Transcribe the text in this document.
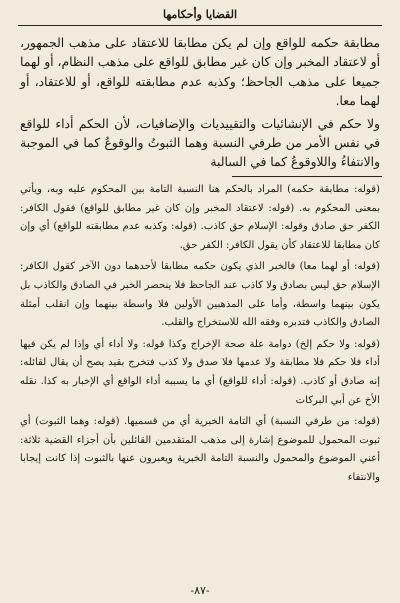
القضايا وأحكامها

مطابقة حكمه للواقع وإن لم يكن مطابقا للاعتقاد على مذهب الجمهور، أو لاعتقاد المخبر وإن كان غير مطابق للواقع على مذهب النظام، أو لهما جميعا على مذهب الجاحظ؛ وكذبه عدم مطابقته للواقع، أو للاعتقاد، أو لهما معا.

ولا حكم في الإنشائيات والتقييديات والإضافيات، لأن الحكم أداء للواقع في نفس الأمر من طرفي النسبة وهما الثبوتُ والوقوعُ كما في الموجبة والانتفاءُ واللاوقوعُ كما في السالبة

(قوله: مطابقة حكمه) المراد بالحكم هنا النسبة التامة بين المحكوم عليه وبه، ويأتي بمعنى المحكوم به. (قوله: لاعتقاد المخبر وإن كان غير مطابق للواقع) فقول الكافر: الكفر حق صادق وقوله: الإسلام حق كاذب. (قوله: وكذبه عدم مطابقته للواقع) أي وإن كان مطابقا للاعتقاد كأن يقول الكافر: الكفر حق.

(قوله: أو لهما معا) فالخبر الذي يكون حكمه مطابقا لأحدهما دون الآخر كقول الكافر: الإسلام حق ليس بصادق ولا كاذب عند الجاحظ فلا ينحصر الخبر في الصادق والكاذب بل يكون بينهما واسطة، وأما على المذهبين الأولين فلا واسطة بينهما وإن انقلب أمثلة الصادق والكاذب فتدبره وفقه الله للاستخراج والقلب.

(قوله: ولا حكم إلخ) دوامة علة صحة الإخراج وكذا قوله: ولا أداء أي وإذا لم يكن فيها أداء فلا حكم فلا مطابقة ولا عدمها فلا صدق ولا كذب فتخرج بقيد يصح أن يقال لقائله: إنه صادق أو كاذب. (قوله: أداء للواقع) أي ما يسببه أداء الواقع أي الإخبار به كذا. نقله الأخ عن أبي البركات

(قوله: من طرفي النسبة) أي التامة الخبرية أي من قسميها. (قوله: وهما الثبوت) أي ثبوت المحمول للموضوع إشارة إلى مذهب المتقدمين القائلين بأن أجزاء القضية ثلاثة: أعني الموضوع والمحمول والنسبة التامة الخبرية ويعبرون عنها بالثبوت إذا كانت إيجابا والانتفاء

-٨٧-
